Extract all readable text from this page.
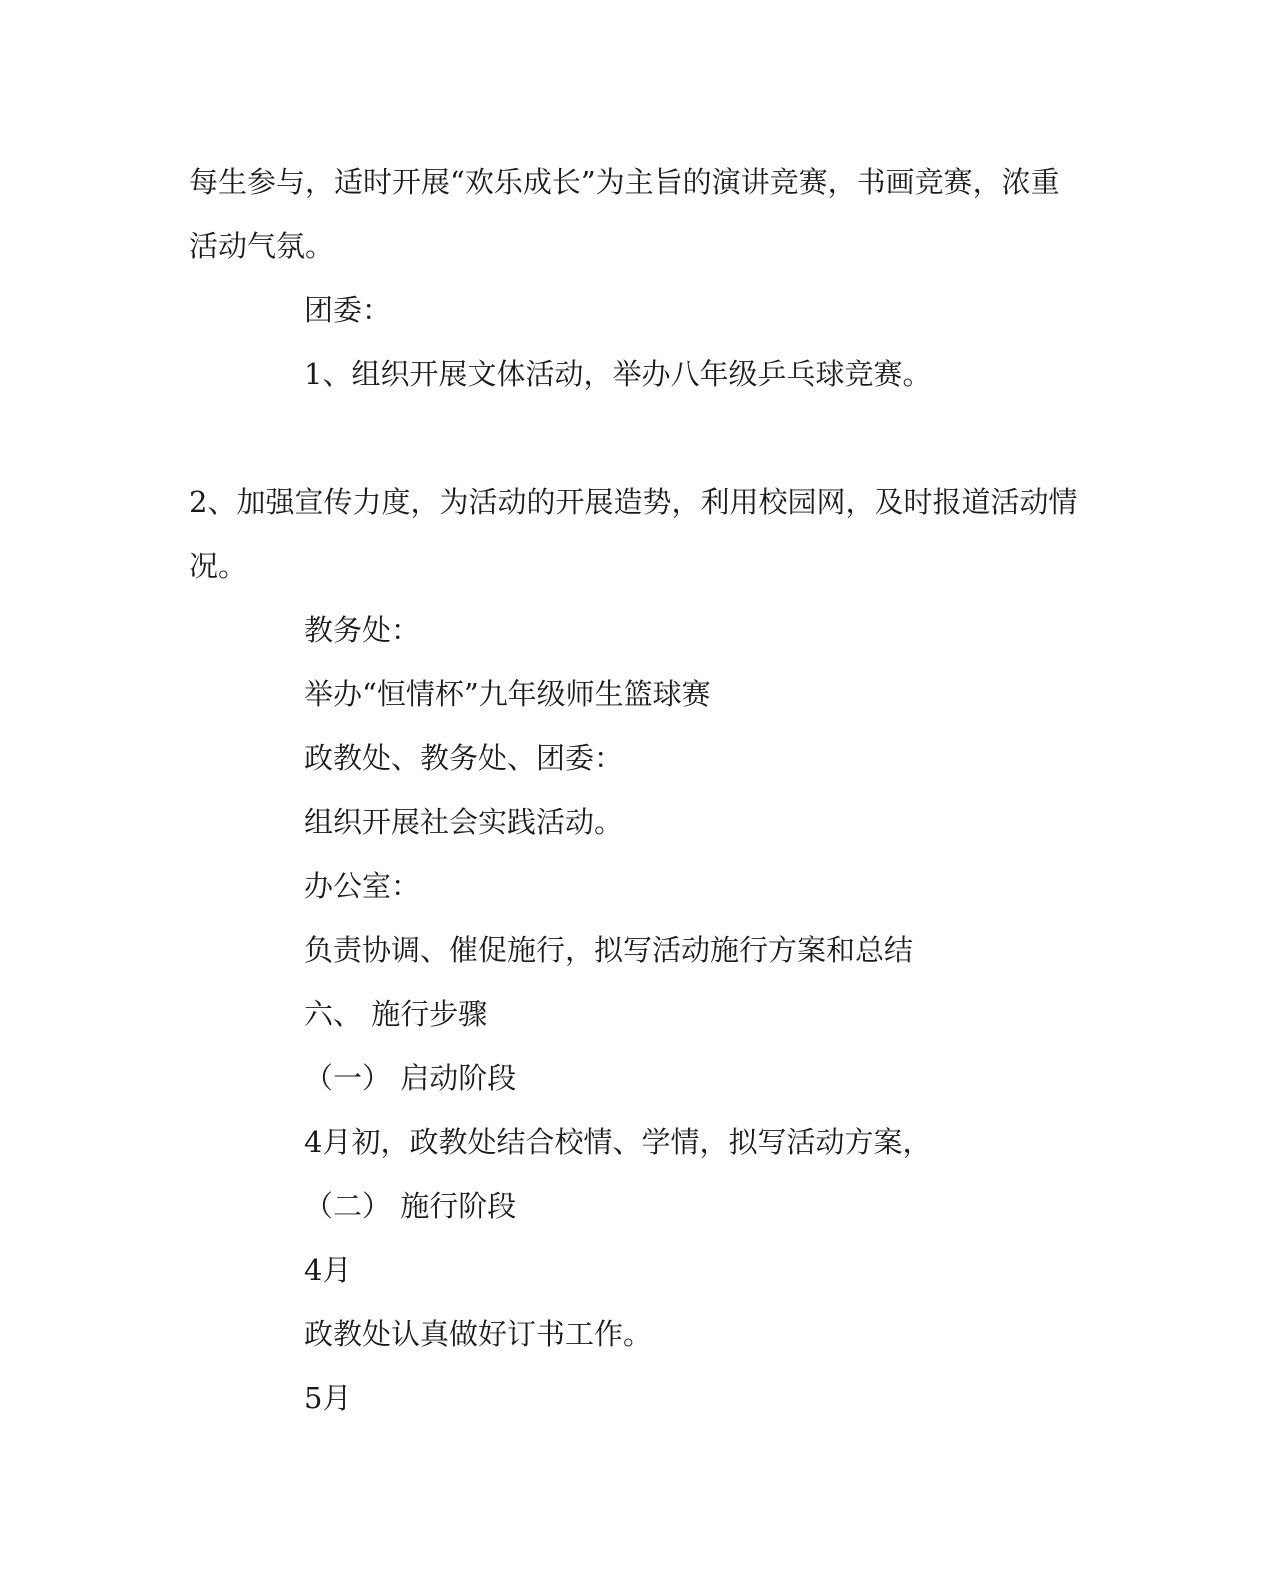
每生参与，适时开展“欢乐成长”为主旨的演讲竞赛，书画竞赛，浓重
活动气氛。
团委：
1、组织开展文体活动，举办八年级乒乓球竞赛。
2、加强宣传力度，为活动的开展造势，利用校园网，及时报道活动情
况。
教务处：
举办“恒情杯”九年级师生篮球赛
政教处、教务处、团委：
组织开展社会实践活动。
办公室：
负责协调、催促施行，拟写活动施行方案和总结
六、 施行步骤
（一） 启动阶段
4月初，政教处结合校情、学情，拟写活动方案，
（二） 施行阶段
4月
政教处认真做好订书工作。
5月
